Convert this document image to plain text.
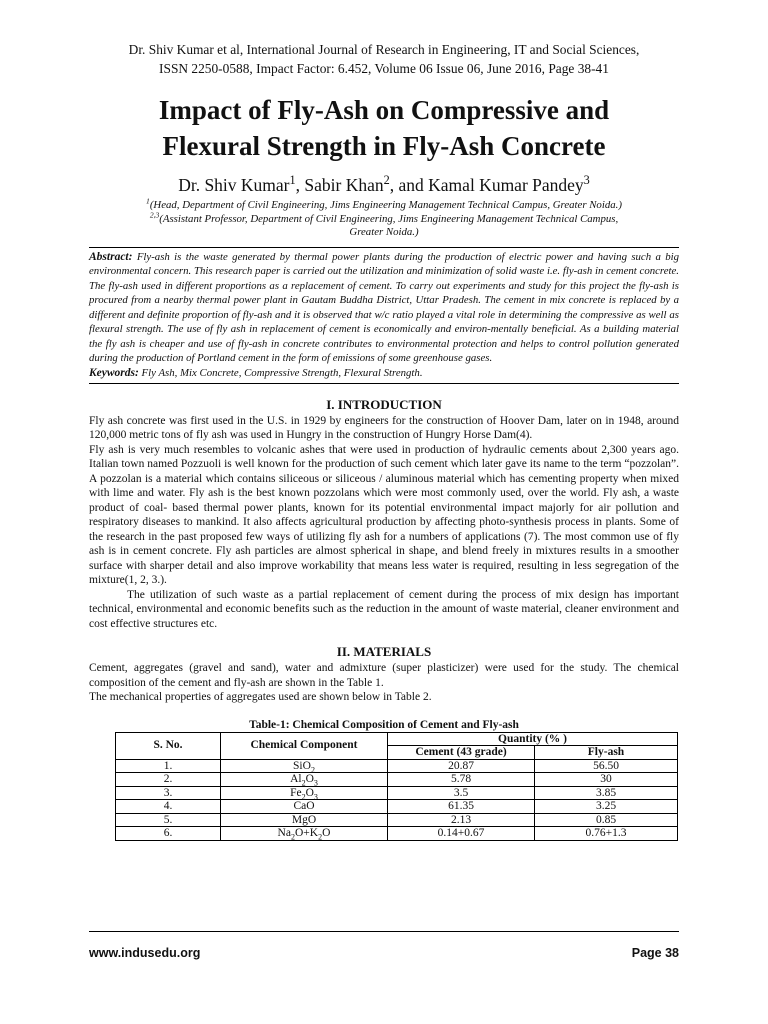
Dr. Shiv Kumar et al, International Journal of Research in Engineering, IT and Social Sciences,
ISSN 2250-0588, Impact Factor: 6.452, Volume 06 Issue 06, June 2016, Page 38-41
Impact of Fly-Ash on Compressive and
Flexural Strength in Fly-Ash Concrete
Dr. Shiv Kumar$^1$, Sabir Khan$^2$, and Kamal Kumar Pandey$^3$
$^1$(Head, Department of Civil Engineering, Jims Engineering Management Technical Campus, Greater Noida.)
$^{2,3}$(Assistant Professor, Department of Civil Engineering, Jims Engineering Management Technical Campus,
Greater Noida.)
Abstract: Fly-ash is the waste generated by thermal power plants during the production of electric power and having such a big environmental concern. This research paper is carried out the utilization and minimization of solid waste i.e. fly-ash in cement concrete. The fly-ash used in different proportions as a replacement of cement. To carry out experiments and study for this project the fly-ash is procured from a nearby thermal power plant in Gautam Buddha District, Uttar Pradesh. The cement in mix concrete is replaced by a different and definite proportion of fly-ash and it is observed that w/c ratio played a vital role in determining the compressive as well as flexural strength. The use of fly ash in replacement of cement is economically and environ-mentally beneficial. As a building material the fly ash is cheaper and use of fly-ash in concrete contributes to environmental protection and helps to control pollution generated during the production of Portland cement in the form of emissions of some greenhouse gases.
Keywords: Fly Ash, Mix Concrete, Compressive Strength, Flexural Strength.
I. INTRODUCTION

Fly ash concrete was first used in the U.S. in 1929 by engineers for the construction of Hoover Dam, later on in 1948, around 120,000 metric tons of fly ash was used in Hungry in the construction of Hungry Horse Dam(4).

Fly ash is very much resembles to volcanic ashes that were used in production of hydraulic cements about 2,300 years ago. Italian town named Pozzuoli is well known for the production of such cement which later gave its name to the term “pozzolan”. A pozzolan is a material which contains siliceous or siliceous / aluminous material which has cementing property when mixed with lime and water. Fly ash is the best known pozzolans which were most commonly used, over the world. Fly ash, a waste product of coal- based thermal power plants, known for its potential environmental impact majorly for air pollution and respiratory diseases to mankind. It also affects agricultural production by affecting photo-synthesis process in plants. Some of the research in the past proposed few ways of utilizing fly ash for a numbers of applications (7). The most common use of fly ash is in cement concrete. Fly ash particles are almost spherical in shape, and blend freely in mixtures results in a smoother surface with sharper detail and also improve workability that means less water is required, resulting in less segregation of the mixture(1, 2, 3.).

The utilization of such waste as a partial replacement of cement during the process of mix design has important technical, environmental and economic benefits such as the reduction in the amount of waste material, cleaner environment and cost effective structures etc.

II. MATERIALS

Cement, aggregates (gravel and sand), water and admixture (super plasticizer) were used for the study. The chemical composition of the cement and fly-ash are shown in the Table 1.

The mechanical properties of aggregates used are shown below in Table 2.

Table-1: Chemical Composition of Cement and Fly-ash
S. No.	Chemical Component	Quantity (% )	
		Cement (43 grade)	Fly-ash
1.	SiO$_2$	20.87	56.50
2.	$Al_2O_3$	5.78	30
3.	$Fe_2O_3$	3.5	3.85
4.	CaO	61.35	3.25
5.	MgO	2.13	0.85
6.	$Na_2O+K_2O$	0.14+0.67	0.76+1.3
www.indusedu.org	Page 38
